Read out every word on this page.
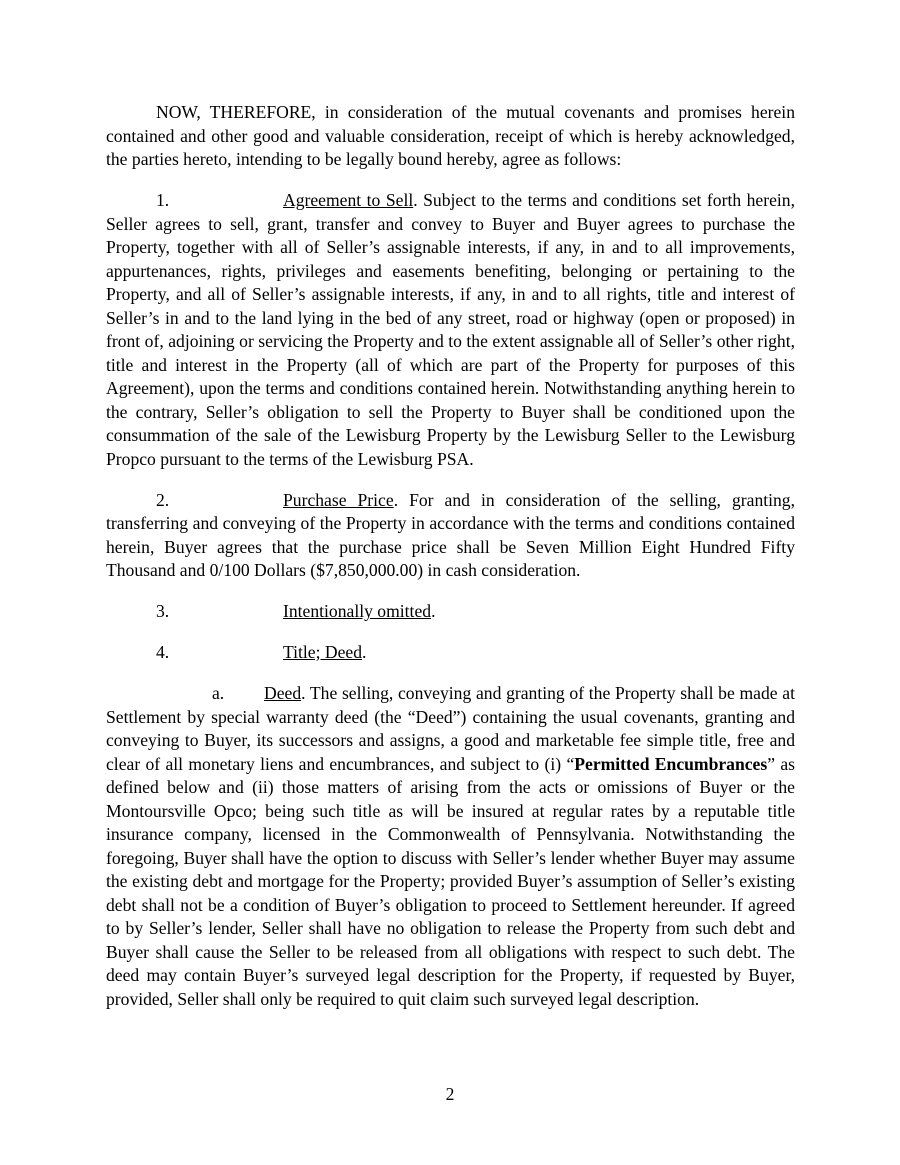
NOW, THEREFORE, in consideration of the mutual covenants and promises herein contained and other good and valuable consideration, receipt of which is hereby acknowledged, the parties hereto, intending to be legally bound hereby, agree as follows:

1.	Agreement to Sell. Subject to the terms and conditions set forth herein, Seller agrees to sell, grant, transfer and convey to Buyer and Buyer agrees to purchase the Property, together with all of Seller’s assignable interests, if any, in and to all improvements, appurtenances, rights, privileges and easements benefiting, belonging or pertaining to the Property, and all of Seller’s assignable interests, if any, in and to all rights, title and interest of Seller’s in and to the land lying in the bed of any street, road or highway (open or proposed) in front of, adjoining or servicing the Property and to the extent assignable all of Seller’s other right, title and interest in the Property (all of which are part of the Property for purposes of this Agreement), upon the terms and conditions contained herein. Notwithstanding anything herein to the contrary, Seller’s obligation to sell the Property to Buyer shall be conditioned upon the consummation of the sale of the Lewisburg Property by the Lewisburg Seller to the Lewisburg Propco pursuant to the terms of the Lewisburg PSA.

2.	Purchase Price. For and in consideration of the selling, granting, transferring and conveying of the Property in accordance with the terms and conditions contained herein, Buyer agrees that the purchase price shall be Seven Million Eight Hundred Fifty Thousand and 0/100 Dollars ($7,850,000.00) in cash consideration.

3.	Intentionally omitted.

4.	Title; Deed.

a. Deed. The selling, conveying and granting of the Property shall be made at Settlement by special warranty deed (the “Deed”) containing the usual covenants, granting and conveying to Buyer, its successors and assigns, a good and marketable fee simple title, free and clear of all monetary liens and encumbrances, and subject to (i) “Permitted Encumbrances” as defined below and (ii) those matters of arising from the acts or omissions of Buyer or the Montoursville Opco; being such title as will be insured at regular rates by a reputable title insurance company, licensed in the Commonwealth of Pennsylvania. Notwithstanding the foregoing, Buyer shall have the option to discuss with Seller’s lender whether Buyer may assume the existing debt and mortgage for the Property; provided Buyer’s assumption of Seller’s existing debt shall not be a condition of Buyer’s obligation to proceed to Settlement hereunder. If agreed to by Seller’s lender, Seller shall have no obligation to release the Property from such debt and Buyer shall cause the Seller to be released from all obligations with respect to such debt. The deed may contain Buyer’s surveyed legal description for the Property, if requested by Buyer, provided, Seller shall only be required to quit claim such surveyed legal description.

2
